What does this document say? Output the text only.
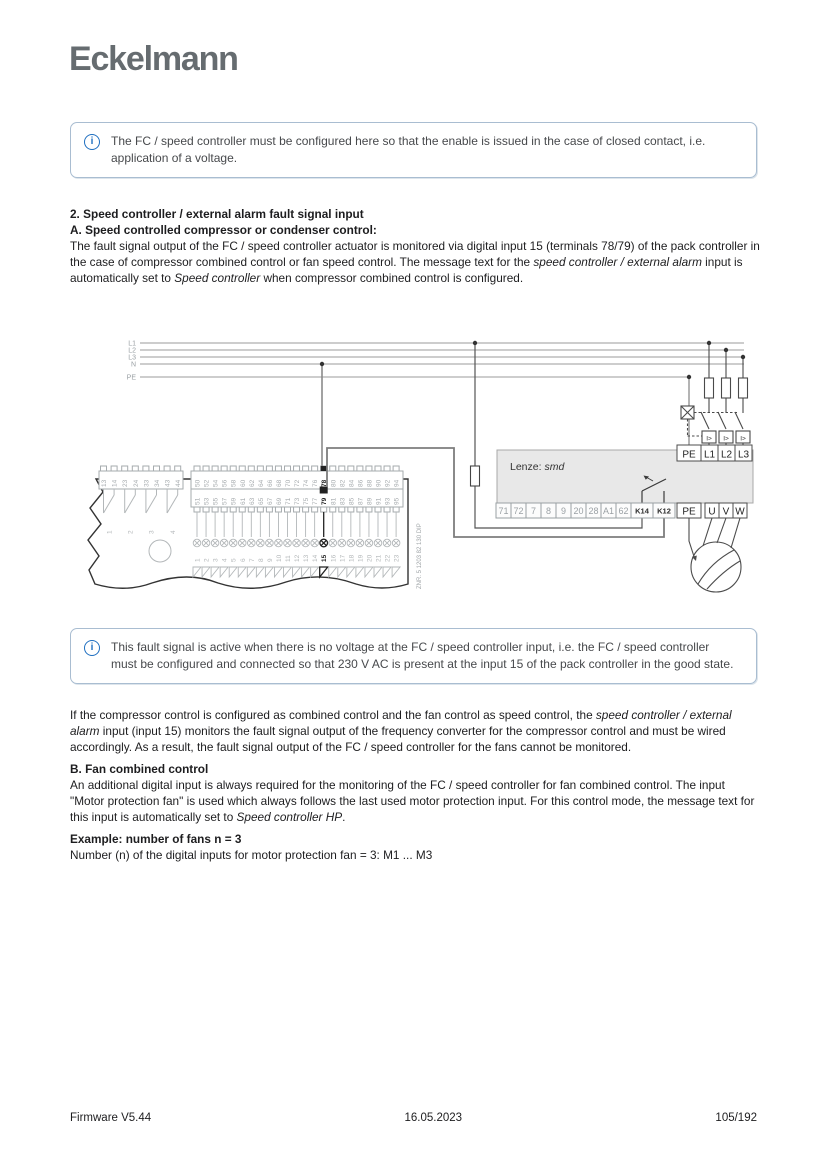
Eckelmann
i	The FC / speed controller must be configured here so that the enable is issued in the case of closed contact, i.e. application of a voltage.

2. Speed controller / external alarm fault signal input

A. Speed controlled compressor or condenser control:

The fault signal output of the FC / speed controller actuator is monitored via digital input 15 (terminals 78/79) of the pack controller in the case of compressor combined control or fan speed control. The message text for the speed controller / external alarm input is automatically set to Speed controller when compressor combined control is configured.

L1
L2
L3
N
PE
13 14 23 24 33 34 43 44
1 2 3 4
50 52 54 56 58 60 62 64 66 68 70 72 74 76 78 80 82 84 86 88 90 92 94
51 53 55 57 59 61 63 65 67 69 71 73 75 77 79 81 83 85 87 89 91 93 95
1 2 3 4 5 6 7 8 9 10 11 12 13 14 15 16 17 18 19 20 21 22 23	ZNR. 5 1203 82 130 DIP
I> I> I>
Lenze: smd
71 72 7 8 9 20 28 A1 62 K14 K12
PE L1 L2 L3
PE U V W
i	This fault signal is active when there is no voltage at the FC / speed controller input, i.e. the FC / speed controller must be configured and connected so that 230 V AC is present at the input 15 of the pack controller in the good state.

If the compressor control is configured as combined control and the fan control as speed control, the speed controller / external alarm input (input 15) monitors the fault signal output of the frequency converter for the compressor control and must be wired accordingly. As a result, the fault signal output of the FC / speed controller for the fans cannot be monitored.

B. Fan combined control

An additional digital input is always required for the monitoring of the FC / speed controller for fan combined control. The input "Motor protection fan" is used which always follows the last used motor protection input. For this control mode, the message text for this input is automatically set to Speed controller HP.

Example: number of fans n = 3

Number (n) of the digital inputs for motor protection fan = 3: M1 ... M3

Firmware V5.44	16.05.2023	105/192
